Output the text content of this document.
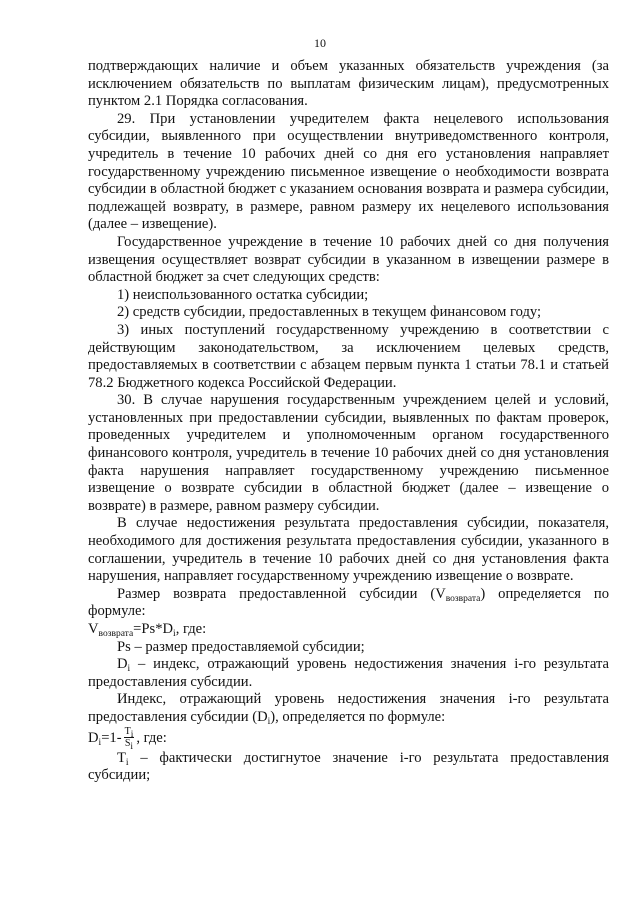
10

подтверждающих наличие и объем указанных обязательств учреждения (за исключением обязательств по выплатам физическим лицам), предусмотренных пунктом 2.1 Порядка согласования.

29. При установлении учредителем факта нецелевого использования субсидии, выявленного при осуществлении внутриведомственного контроля, учредитель в течение 10 рабочих дней со дня его установления направляет государственному учреждению письменное извещение о необходимости возврата субсидии в областной бюджет с указанием основания возврата и размера субсидии, подлежащей возврату, в размере, равном размеру их нецелевого использования (далее – извещение).

Государственное учреждение в течение 10 рабочих дней со дня получения извещения осуществляет возврат субсидии в указанном в извещении размере в областной бюджет за счет следующих средств:

1) неиспользованного остатка субсидии;

2) средств субсидии, предоставленных в текущем финансовом году;

3) иных поступлений государственному учреждению в соответствии с действующим законодательством, за исключением целевых средств, предоставляемых в соответствии с абзацем первым пункта 1 статьи 78.1 и статьей 78.2 Бюджетного кодекса Российской Федерации.

30. В случае нарушения государственным учреждением целей и условий, установленных при предоставлении субсидии, выявленных по фактам проверок, проведенных учредителем и уполномоченным органом государственного финансового контроля, учредитель в течение 10 рабочих дней со дня установления факта нарушения направляет государственному учреждению письменное извещение о возврате субсидии в областной бюджет (далее – извещение о возврате) в размере, равном размеру субсидии.

В случае недостижения результата предоставления субсидии, показателя, необходимого для достижения результата предоставления субсидии, указанного в соглашении, учредитель в течение 10 рабочих дней со дня установления факта нарушения, направляет государственному учреждению извещение о возврате.

Размер возврата предоставленной субсидии $(V_{возврата})$ определяется по формуле:

$V_{возврата}=Ps*D_i$, где:

Ps – размер предоставляемой субсидии;

$D_i$ – индекс, отражающий уровень недостижения значения i-го результата предоставления субсидии.

Индекс, отражающий уровень недостижения значения i-го результата предоставления субсидии $(D_i)$, определяется по формуле:

$D_i=1- \frac{T_i}{S_i}$ , где:

$T_i$ – фактически достигнутое значение i-го результата предоставления субсидии;
